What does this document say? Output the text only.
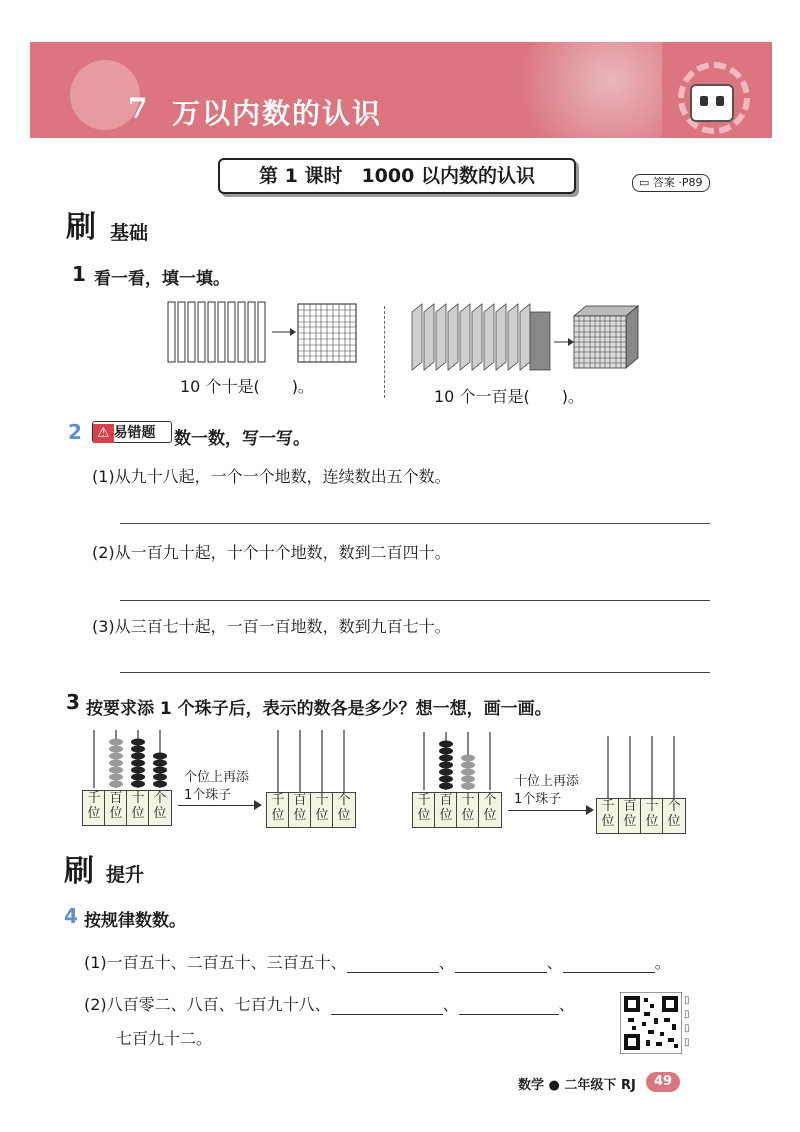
7 万以内数的认识
第 1 课时　1000 以内数的认识	▭ 答案 ·P89
刷 基础
1 看一看，填一填。
10 个十是(　　)。
10 个一百是(　　)。
2	⚠ 易错题	数一数，写一写。
(1)从九十八起，一个一个地数，连续数出五个数。
(2)从一百九十起，十个十个地数，数到二百四十。
(3)从三百七十起，一百一百地数，数到九百七十。
3 按要求添 1 个珠子后，表示的数各是多少？想一想，画一画。
千位
百位
十位
个位
个位上再添
1个珠子	千位
百位
十位
个位
千位
百位
十位
个位
十位上再添
1个珠子	千位
百位
十位
个位
刷 提升
4 按规律数数。
(1)一百五十、二百五十、三百五十、	、	、	。
(2)八百零二、八百、七百九十八、	、	、
七百九十二。
▯
▯
▯
▯
数学 ● 二年级下 RJ	49
